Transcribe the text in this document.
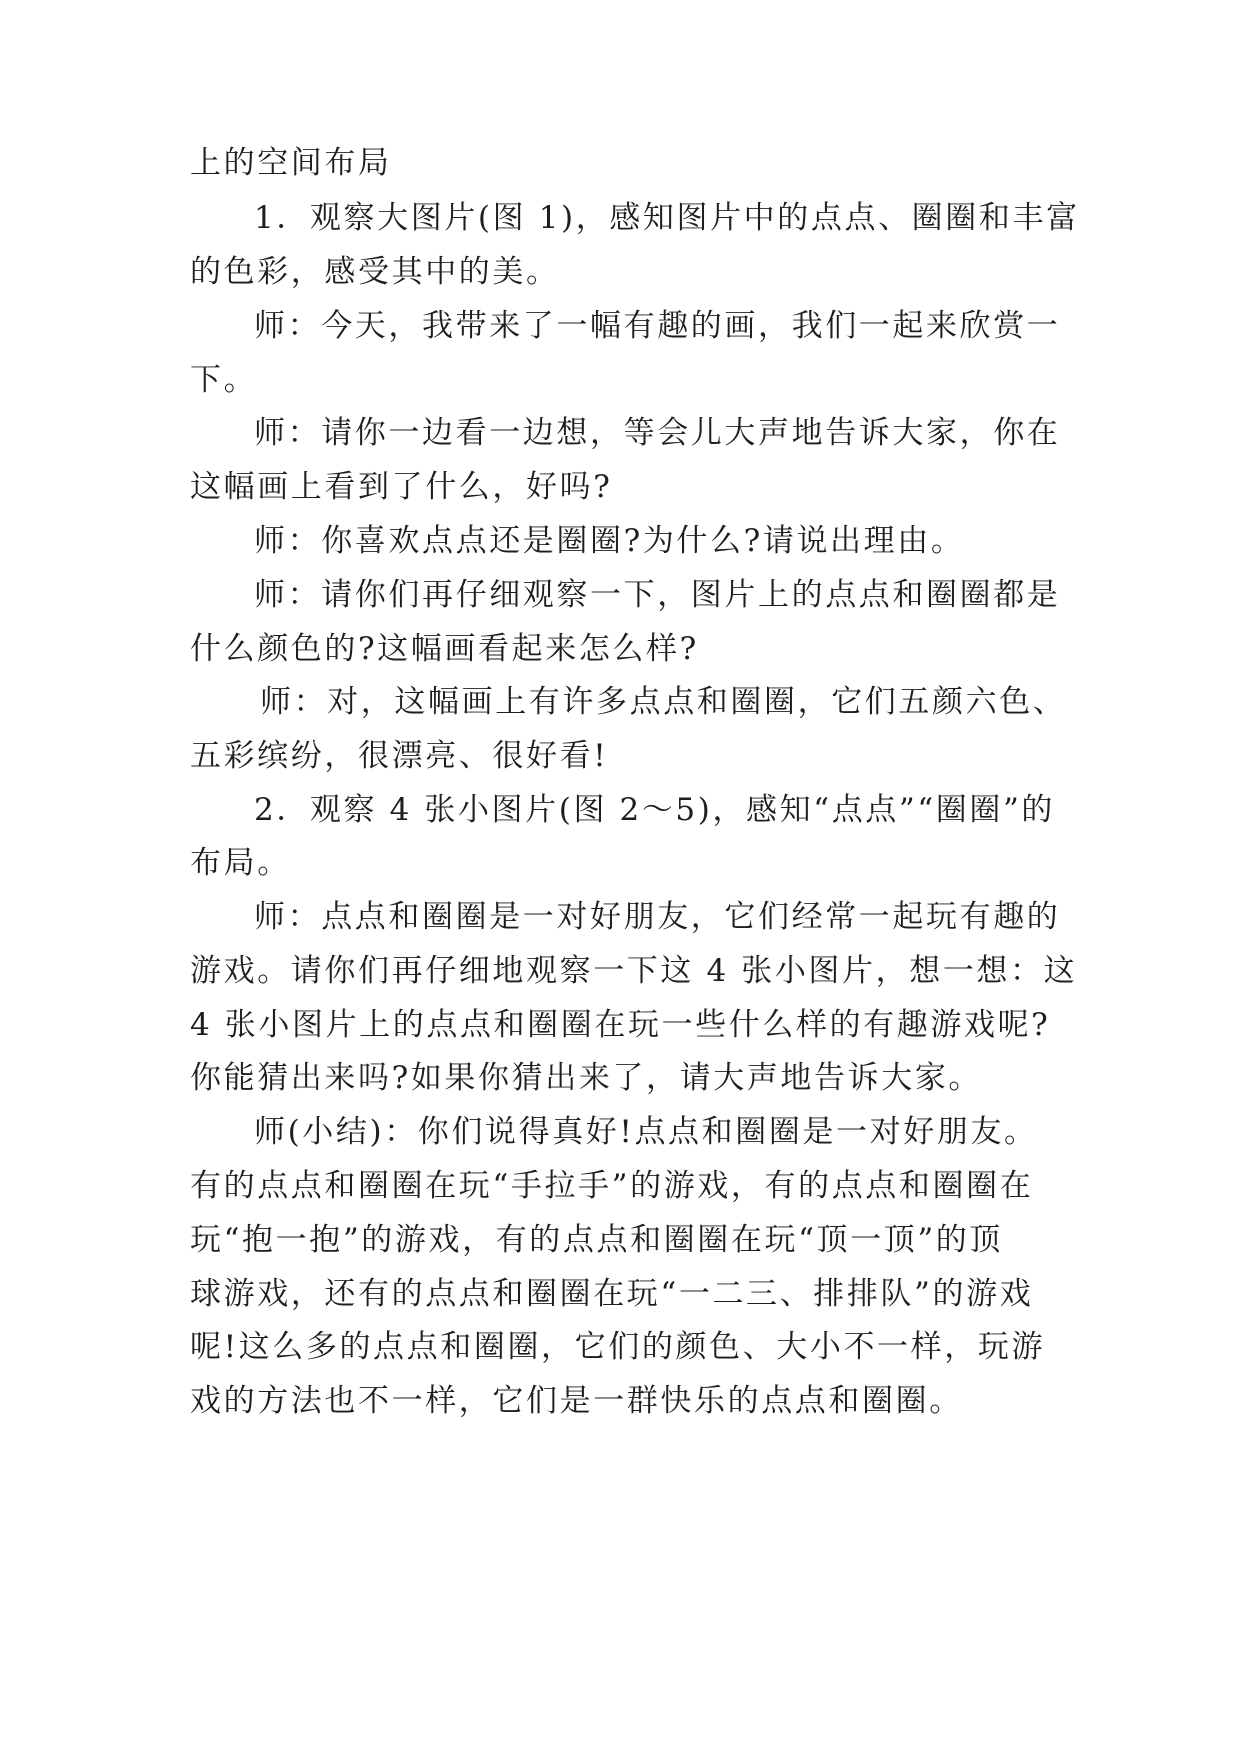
上的空间布局
1．观察大图片(图 1)，感知图片中的点点、圈圈和丰富
的色彩，感受其中的美。
师：今天，我带来了一幅有趣的画，我们一起来欣赏一
下。
师：请你一边看一边想，等会儿大声地告诉大家，你在
这幅画上看到了什么，好吗?
师：你喜欢点点还是圈圈?为什么?请说出理由。
师：请你们再仔细观察一下，图片上的点点和圈圈都是
什么颜色的?这幅画看起来怎么样?
师：对，这幅画上有许多点点和圈圈，它们五颜六色、
五彩缤纷，很漂亮、很好看!
2．观察 4 张小图片(图 2～5)，感知“点点”“圈圈”的
布局。
师：点点和圈圈是一对好朋友，它们经常一起玩有趣的
游戏。请你们再仔细地观察一下这 4 张小图片，想一想：这
4 张小图片上的点点和圈圈在玩一些什么样的有趣游戏呢?
你能猜出来吗?如果你猜出来了，请大声地告诉大家。
师(小结)：你们说得真好!点点和圈圈是一对好朋友。
有的点点和圈圈在玩“手拉手”的游戏，有的点点和圈圈在
玩“抱一抱”的游戏，有的点点和圈圈在玩“顶一顶”的顶
球游戏，还有的点点和圈圈在玩“一二三、排排队”的游戏
呢!这么多的点点和圈圈，它们的颜色、大小不一样，玩游
戏的方法也不一样，它们是一群快乐的点点和圈圈。
